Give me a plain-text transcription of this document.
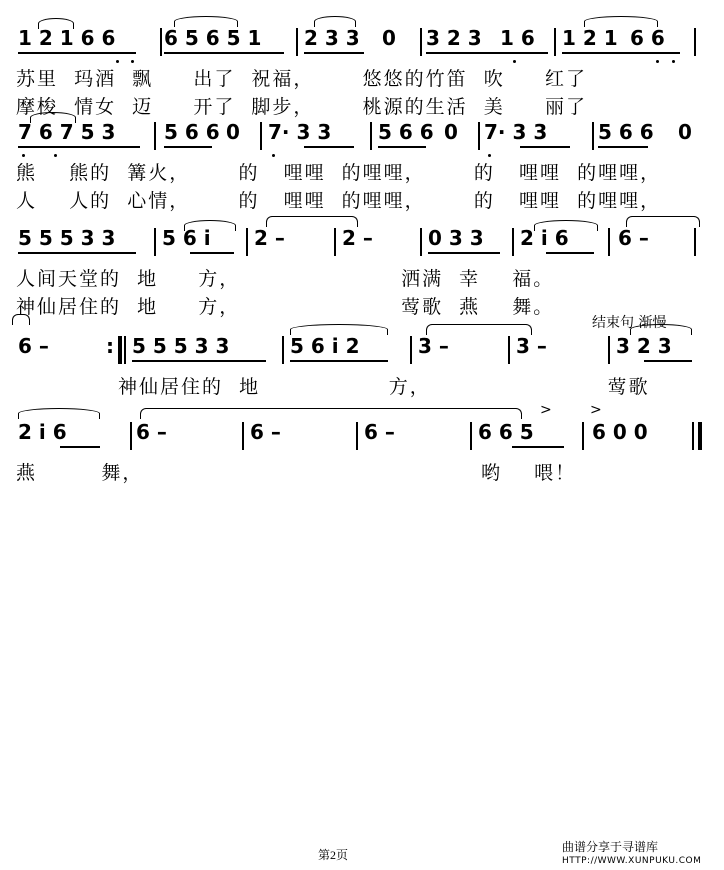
1 2 1 6 6 6 5 6 5 1 2 3 3 0 3 2 3 1 6 1 2 1 6 6
苏里  玛酒  飘     出了  祝福，      悠悠的竹笛  吹     红了
摩梭  情女  迈     开了  脚步，      桃源的生活  美     丽了
7 6 7 5 3 5 6 6 0 7· 3 3 5 6 6 0 7· 3 3	5 6 6 0
熊    熊的  篝火，      的   哩哩  的哩哩，      的   哩哩  的哩哩，
人    人的  心情，      的   哩哩  的哩哩，      的   哩哩  的哩哩，
5 5 5 3 3 5 6 i 2 –	2 –	0 3 3 2 i 6 6 –
人间天堂的  地     方，                    洒满  幸    福。
神仙居住的  地     方，                    莺歌  燕    舞。
结束句 渐慢
6 –	: 5 5 5 3 3	5 6 i 2	3 –	3 –	3 2 3
神仙居住的  地                方，                      莺歌
>	>
2 i 6	6 –	6 –	6 –	6 6 5	6 0 0
燕        舞，                                          哟    喂！
第2页
曲谱分享于寻谱库
HTTP://WWW.XUNPUKU.COM
